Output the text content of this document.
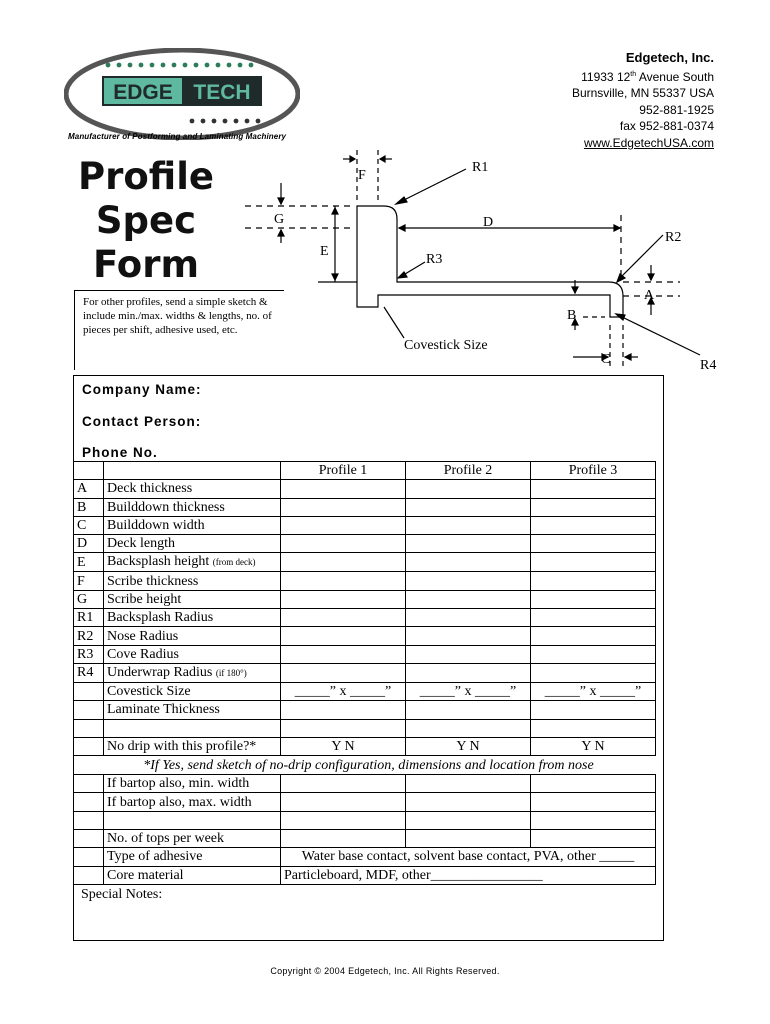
EDGE TECH
Manufacturer of Postforming and Laminating Machinery
Edgetech, Inc.
11933 12th Avenue South
Burnsville, MN 55337 USA
952-881-1925
fax 952-881-0374
www.EdgetechUSA.com
Profile
Spec
Form
For other profiles, send a simple sketch & include min./max. widths & lengths, no. of pieces per shift, adhesive used, etc.
F
R1
G	D
R2
E
R3
A
B
Covestick Size
C	R4
Company Name:
Contact Person:
Phone No.
		Profile 1	Profile 2	Profile 3
A	Deck thickness			
B	Builddown thickness			
C	Builddown width			
D	Deck length			
E	Backsplash height (from deck)			
F	Scribe thickness			
G	Scribe height			
R1	Backsplash Radius			
R2	Nose Radius			
R3	Cove Radius			
R4	Underwrap Radius (if 180°)			
	Covestick Size	_____” x _____”	_____” x _____”	_____” x _____”
	Laminate Thickness			

	No drip with this profile?*	Y N	Y N	Y N

	If bartop also, min. width			
	If bartop also, max. width			

	No. of tops per week			
	Type of adhesive	Water base contact, solvent base contact, PVA, other _____		
	Core material	Particleboard, MDF, other________________		
*If Yes, send sketch of no-drip configuration, dimensions and location from nose
Special Notes:
Copyright © 2004 Edgetech, Inc. All Rights Reserved.
